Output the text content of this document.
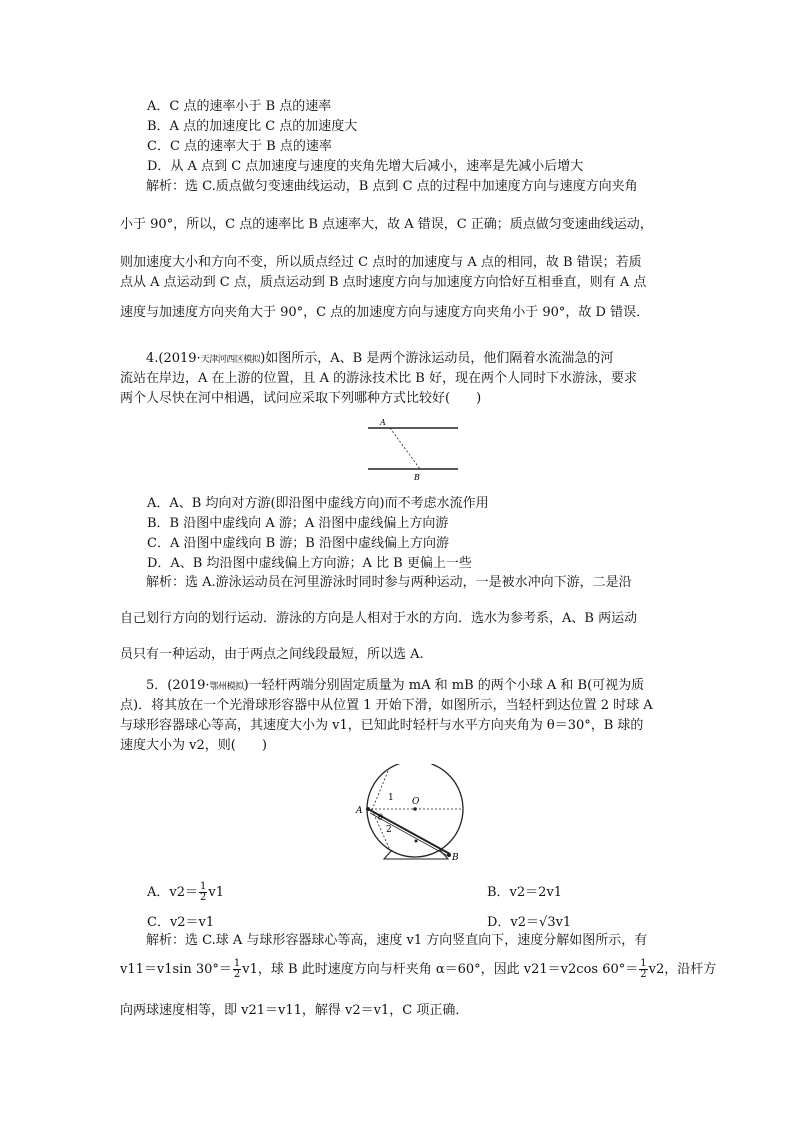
A．C 点的速率小于 B 点的速率
B．A 点的加速度比 C 点的加速度大
C．C 点的速率大于 B 点的速率
D．从 A 点到 C 点加速度与速度的夹角先增大后减小，速率是先减小后增大
解析：选 C.质点做匀变速曲线运动，B 点到 C 点的过程中加速度方向与速度方向夹角
小于 90°，所以，C 点的速率比 B 点速率大，故 A 错误，C 正确；质点做匀变速曲线运动，
则加速度大小和方向不变，所以质点经过 C 点时的加速度与 A 点的相同，故 B 错误；若质
点从 A 点运动到 C 点，质点运动到 B 点时速度方向与加速度方向恰好互相垂直，则有 A 点
速度与加速度方向夹角大于 90°，C 点的加速度方向与速度方向夹角小于 90°，故 D 错误．
4.(2019·天津河西区模拟)如图所示，A、B 是两个游泳运动员，他们隔着水流湍急的河
流站在岸边，A 在上游的位置，且 A 的游泳技术比 B 好，现在两个人同时下水游泳，要求
两个人尽快在河中相遇，试问应采取下列哪种方式比较好(　　)
A
B
A．A、B 均向对方游(即沿图中虚线方向)而不考虑水流作用
B．B 沿图中虚线向 A 游；A 沿图中虚线偏上方向游
C．A 沿图中虚线向 B 游；B 沿图中虚线偏上方向游
D．A、B 均沿图中虚线偏上方向游；A 比 B 更偏上一些
解析：选 A.游泳运动员在河里游泳时同时参与两种运动，一是被水冲向下游，二是沿
自己划行方向的划行运动．游泳的方向是人相对于水的方向．选水为参考系，A、B 两运动
员只有一种运动，由于两点之间线段最短，所以选 A.
5．(2019·鄂州模拟)一轻杆两端分别固定质量为 mA 和 mB 的两个小球 A 和 B(可视为质
点)．将其放在一个光滑球形容器中从位置 1 开始下滑，如图所示，当轻杆到达位置 2 时球 A
与球形容器球心等高，其速度大小为 v1，已知此时轻杆与水平方向夹角为 θ＝30°，B 球的
速度大小为 v2，则(　　)
A
B
O
1
2
θ
A．$v2= \frac{1}{2} v1$	B．v2＝2v1
C．v2＝v1	D．v2＝√3v1
解析：选 C.球 A 与球形容器球心等高，速度 v1 方向竖直向下，速度分解如图所示，有
v11＝v1sin $30^\circ= \frac{1}{2} v1$，球 B 此时速度方向与杆夹角 α＝60°，因此 v21＝v2cos $60^\circ= \frac{1}{2} v2$，沿杆方
向两球速度相等，即 v21＝v11，解得 v2＝v1，C 项正确．
